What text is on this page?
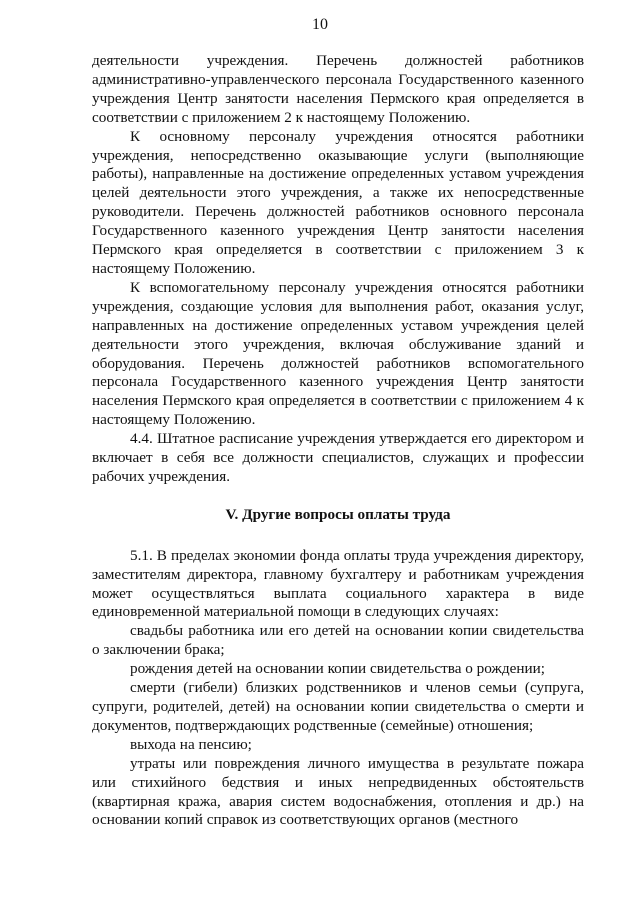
10

деятельности учреждения. Перечень должностей работников административно-управленческого персонала Государственного казенного учреждения Центр занятости населения Пермского края определяется в соответствии с приложением 2 к настоящему Положению.

К основному персоналу учреждения относятся работники учреждения, непосредственно оказывающие услуги (выполняющие работы), направленные на достижение определенных уставом учреждения целей деятельности этого учреждения, а также их непосредственные руководители. Перечень должностей работников основного персонала Государственного казенного учреждения Центр занятости населения Пермского края определяется в соответствии с приложением 3 к настоящему Положению.

К вспомогательному персоналу учреждения относятся работники учреждения, создающие условия для выполнения работ, оказания услуг, направленных на достижение определенных уставом учреждения целей деятельности этого учреждения, включая обслуживание зданий и оборудования. Перечень должностей работников вспомогательного персонала Государственного казенного учреждения Центр занятости населения Пермского края определяется в соответствии с приложением 4 к настоящему Положению.

4.4. Штатное расписание учреждения утверждается его директором и включает в себя все должности специалистов, служащих и профессии рабочих учреждения.

V. Другие вопросы оплаты труда

5.1. В пределах экономии фонда оплаты труда учреждения директору, заместителям директора, главному бухгалтеру и работникам учреждения может осуществляться выплата социального характера в виде единовременной материальной помощи в следующих случаях:

свадьбы работника или его детей на основании копии свидетельства о заключении брака;

рождения детей на основании копии свидетельства о рождении;

смерти (гибели) близких родственников и членов семьи (супруга, супруги, родителей, детей) на основании копии свидетельства о смерти и документов, подтверждающих родственные (семейные) отношения;

выхода на пенсию;

утраты или повреждения личного имущества в результате пожара или стихийного бедствия и иных непредвиденных обстоятельств (квартирная кража, авария систем водоснабжения, отопления и др.) на основании копий справок из соответствующих органов (местного
